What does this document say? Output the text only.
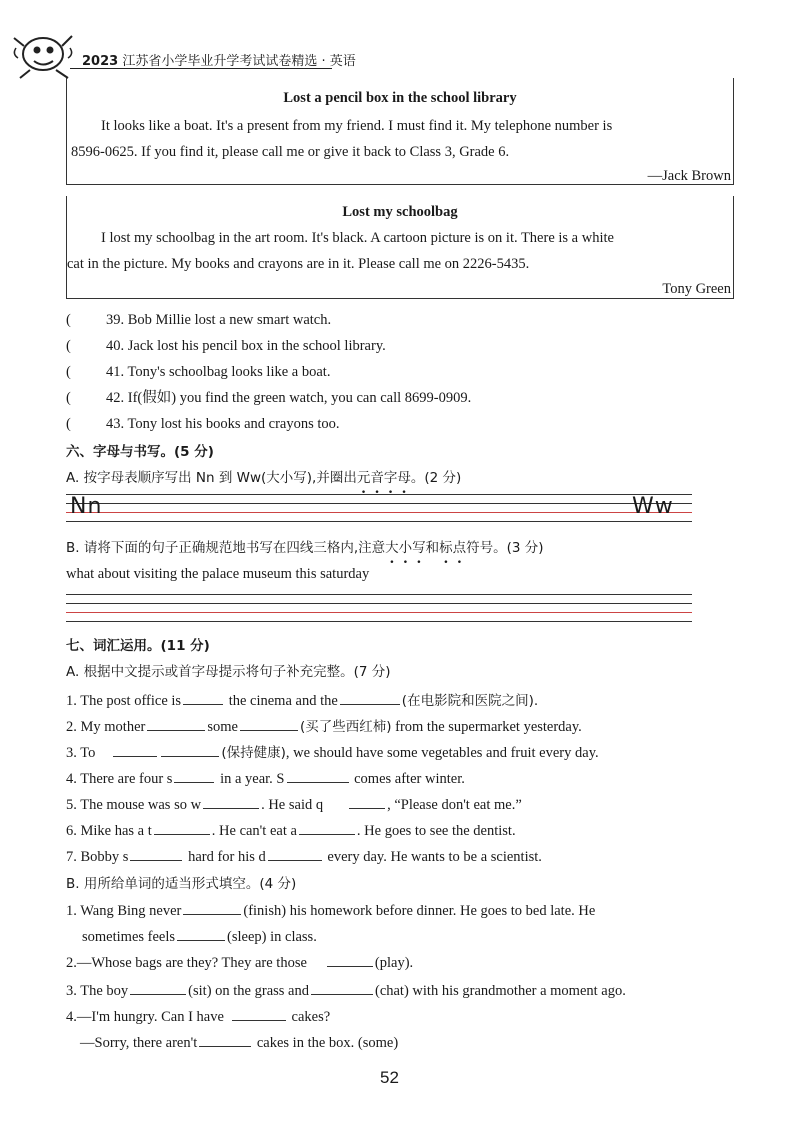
2023 江苏省小学毕业升学考试试卷精选 · 英语
Lost a pencil box in the school library
It looks like a boat. It's a present from my friend. I must find it. My telephone number is
8596-0625. If you find it, please call me or give it back to Class 3, Grade 6.
—Jack Brown
Lost my schoolbag
I lost my schoolbag in the art room. It's black. A cartoon picture is on it. There is a white
cat in the picture. My books and crayons are in it. Please call me on 2226-5435.
Tony Green
( 39. Bob Millie lost a new smart watch.
( 40. Jack lost his pencil box in the school library.
( 41. Tony's schoolbag looks like a boat.
( 42. If(假如) you find the green watch, you can call 8699-0909.
( 43. Tony lost his books and crayons too.
六、字母与书写。(5 分)
A. 按字母表顺序写出 Nn 到 Ww(大小写),并圈出元音字母。(2 分)
Nn	Ww
B. 请将下面的句子正确规范地书写在四线三格内,注意大小写和标点符号。(3 分)
what about visiting the palace museum this saturday
七、词汇运用。(11 分)
A. 根据中文提示或首字母提示将句子补充完整。(7 分)
1. The post office is	the cinema and the	(在电影院和医院之间).
2. My mother	some	(买了些西红柿) from the supermarket yesterday.
3. To	(保持健康), we should have some vegetables and fruit every day.
4. There are four s	in a year. S	comes after winter.
5. The mouse was so w	. He said q	, “Please don't eat me.”
6. Mike has a t	. He can't eat a	. He goes to see the dentist.
7. Bobby s	hard for his d	every day. He wants to be a scientist.
B. 用所给单词的适当形式填空。(4 分)
1. Wang Bing never	(finish) his homework before dinner. He goes to bed late. He
sometimes feels	(sleep) in class.
2.—Whose bags are they? They are those	(play).
3. The boy	(sit) on the grass and	(chat) with his grandmother a moment ago.
4.—I'm hungry. Can I have	cakes?
—Sorry, there aren't	cakes in the box. (some)
52
